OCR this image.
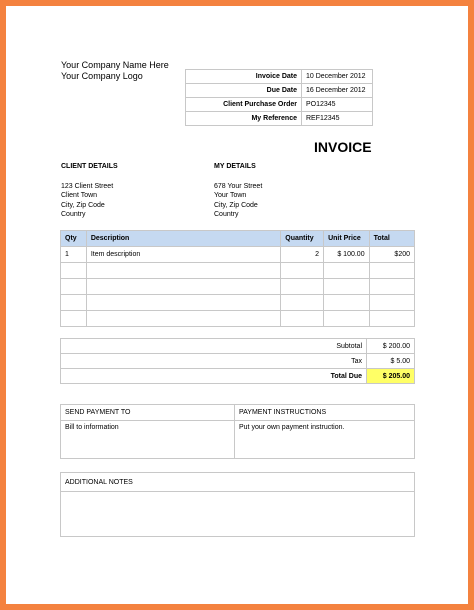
Your Company Name Here
Your Company Logo	Invoice Date	10 December 2012
Due Date	16 December 2012
Client Purchase Order	PO12345
My Reference	REF12345
INVOICE
CLIENT DETAILS
123 Client Street
Client Town
City, Zip Code
Country
MY DETAILS
678 Your Street
Your Town
City, Zip Code
Country
Qty	Description	Quantity	Unit Price	Total
1	Item description	2	$ 100.00	$200

Subtotal	$ 200.00
Tax	$ 5.00
Total Due	$ 205.00
SEND PAYMENT TO	PAYMENT INSTRUCTIONS
Bill to information	Put your own payment instruction.
ADDITIONAL NOTES
